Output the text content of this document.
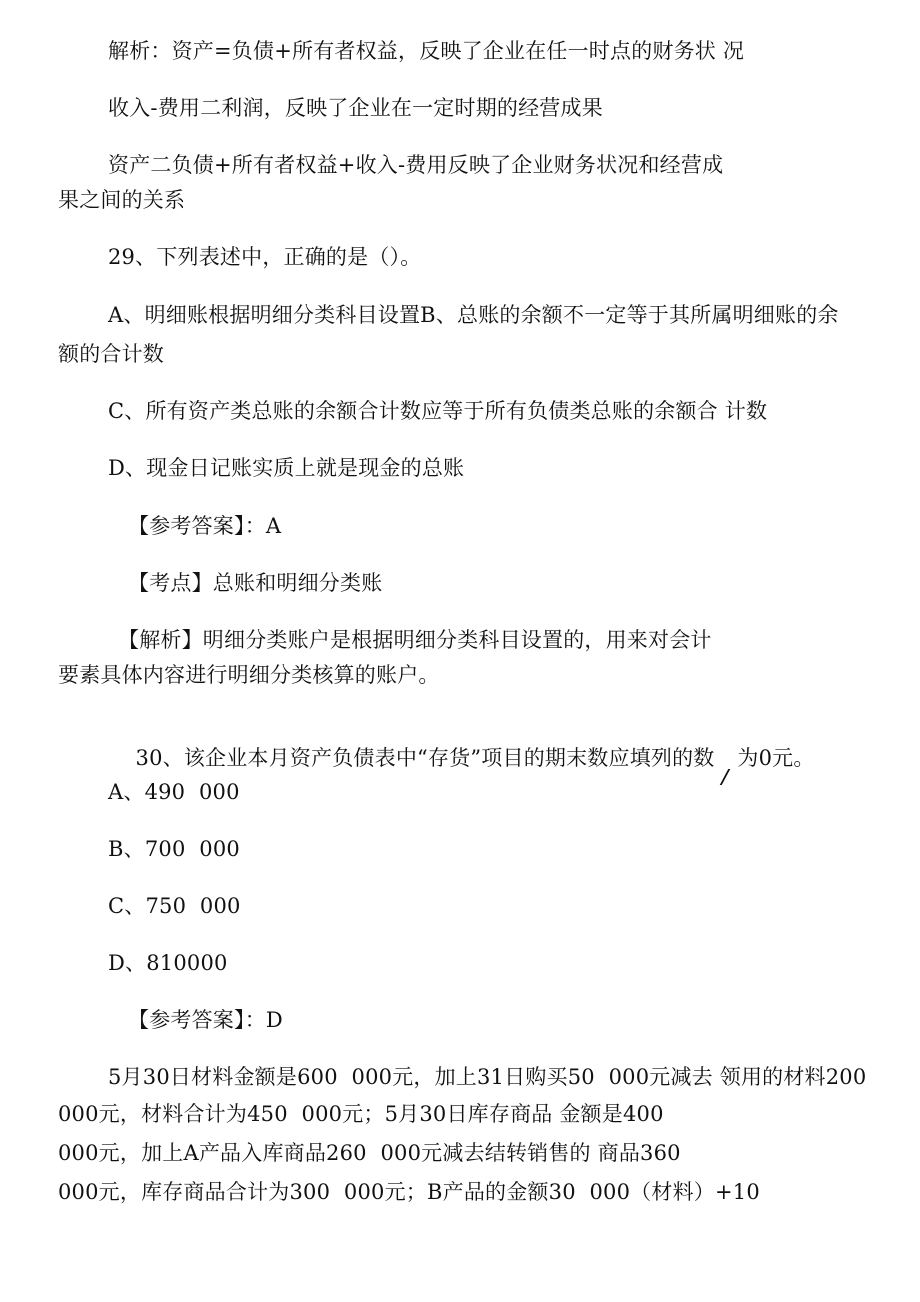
解析：资产=负债+所有者权益，反映了企业在任一时点的财务状 况
收入-费用二利润，反映了企业在一定时期的经营成果
资产二负债+所有者权益+收入-费用反映了企业财务状况和经营成
果之间的关系
29、下列表述中，正确的是（）。
A、明细账根据明细分类科目设置B、总账的余额不一定等于其所属明细账的余
额的合计数
C、所有资产类总账的余额合计数应等于所有负债类总账的余额合 计数
D、现金日记账实质上就是现金的总账
【参考答案】：A
【考点】总账和明细分类账
【解析】明细分类账户是根据明细分类科目设置的，用来对会计
要素具体内容进行明细分类核算的账户。

30、该企业本月资产负债表中“存货”项目的期末数应填列的数 为0元。

A、490  000
B、700  000
C、750  000
D、810000
【参考答案】：D
5月30日材料金额是600  000元，加上31日购买50  000元减去 领用的材料200
000元，材料合计为450  000元；5月30日库存商品 金额是400
000元，加上A产品入库商品260  000元减去结转销售的 商品360
000元，库存商品合计为300  000元；B产品的金额30  000（材料）+10
